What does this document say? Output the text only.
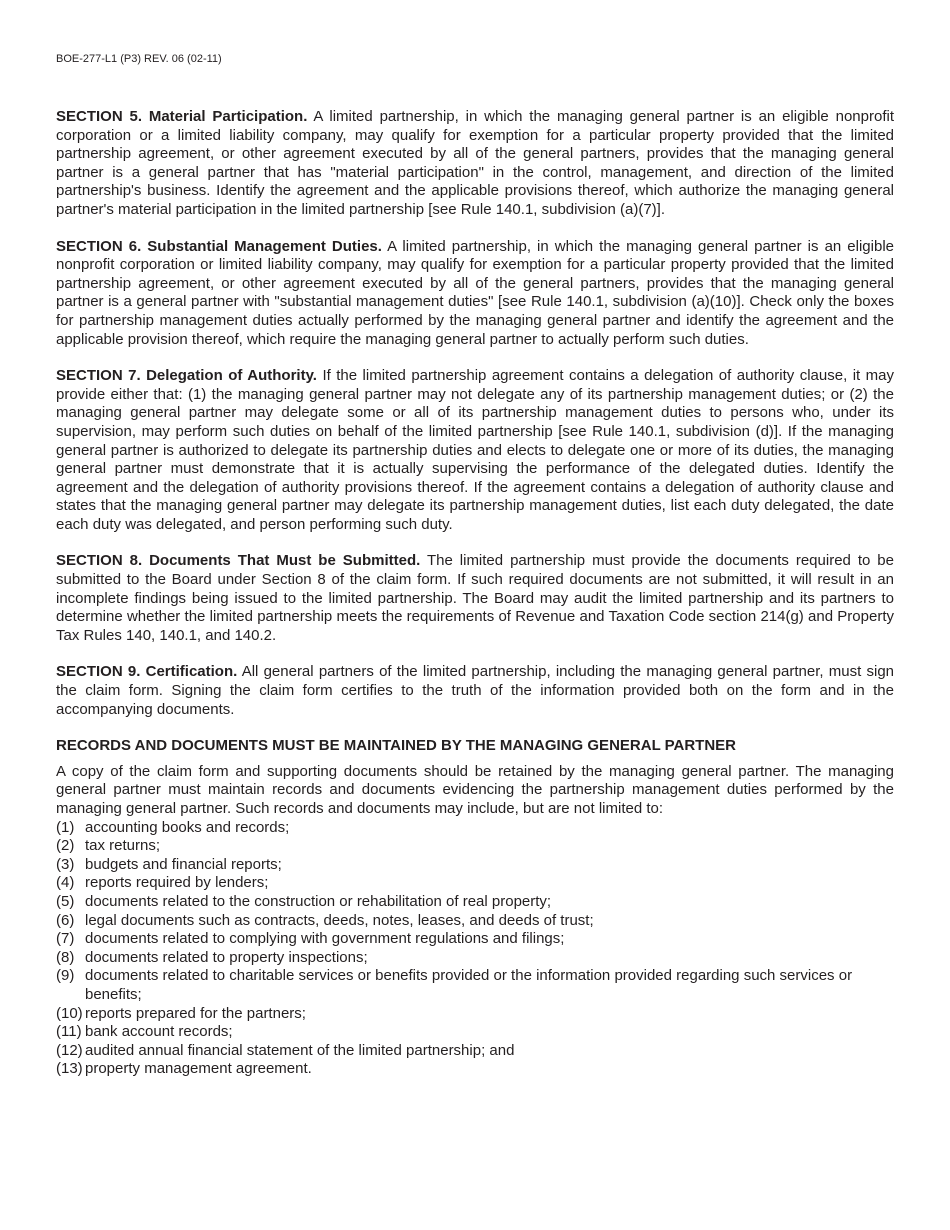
BOE-277-L1 (P3) REV. 06 (02-11)

SECTION 5. Material Participation. A limited partnership, in which the managing general partner is an eligible nonprofit corporation or a limited liability company, may qualify for exemption for a particular property provided that the limited partnership agreement, or other agreement executed by all of the general partners, provides that the managing general partner is a general partner that has "material participation" in the control, management, and direction of the limited partnership's business. Identify the agreement and the applicable provisions thereof, which authorize the managing general partner's material participation in the limited partnership [see Rule 140.1, subdivision (a)(7)].

SECTION 6. Substantial Management Duties. A limited partnership, in which the managing general partner is an eligible nonprofit corporation or limited liability company, may qualify for exemption for a particular property provided that the limited partnership agreement, or other agreement executed by all of the general partners, provides that the managing general partner is a general partner with "substantial management duties" [see Rule 140.1, subdivision (a)(10)]. Check only the boxes for partnership management duties actually performed by the managing general partner and identify the agreement and the applicable provision thereof, which require the managing general partner to actually perform such duties.

SECTION 7. Delegation of Authority. If the limited partnership agreement contains a delegation of authority clause, it may provide either that: (1) the managing general partner may not delegate any of its partnership management duties; or (2) the managing general partner may delegate some or all of its partnership management duties to persons who, under its supervision, may perform such duties on behalf of the limited partnership [see Rule 140.1, subdivision (d)]. If the managing general partner is authorized to delegate its partnership duties and elects to delegate one or more of its duties, the managing general partner must demonstrate that it is actually supervising the performance of the delegated duties. Identify the agreement and the delegation of authority provisions thereof. If the agreement contains a delegation of authority clause and states that the managing general partner may delegate its partnership management duties, list each duty delegated, the date each duty was delegated, and person performing such duty.

SECTION 8. Documents That Must be Submitted. The limited partnership must provide the documents required to be submitted to the Board under Section 8 of the claim form. If such required documents are not submitted, it will result in an incomplete findings being issued to the limited partnership. The Board may audit the limited partnership and its partners to determine whether the limited partnership meets the requirements of Revenue and Taxation Code section 214(g) and Property Tax Rules 140, 140.1, and 140.2.

SECTION 9. Certification. All general partners of the limited partnership, including the managing general partner, must sign the claim form. Signing the claim form certifies to the truth of the information provided both on the form and in the accompanying documents.

RECORDS AND DOCUMENTS MUST BE MAINTAINED BY THE MANAGING GENERAL PARTNER

A copy of the claim form and supporting documents should be retained by the managing general partner. The managing general partner must maintain records and documents evidencing the partnership management duties performed by the managing general partner. Such records and documents may include, but are not limited to:

(1) accounting books and records;
(2) tax returns;
(3) budgets and financial reports;
(4) reports required by lenders;
(5) documents related to the construction or rehabilitation of real property;
(6) legal documents such as contracts, deeds, notes, leases, and deeds of trust;
(7) documents related to complying with government regulations and filings;
(8) documents related to property inspections;
(9) documents related to charitable services or benefits provided or the information provided regarding such services or benefits;
(10) reports prepared for the partners;
(11) bank account records;
(12) audited annual financial statement of the limited partnership; and
(13) property management agreement.
